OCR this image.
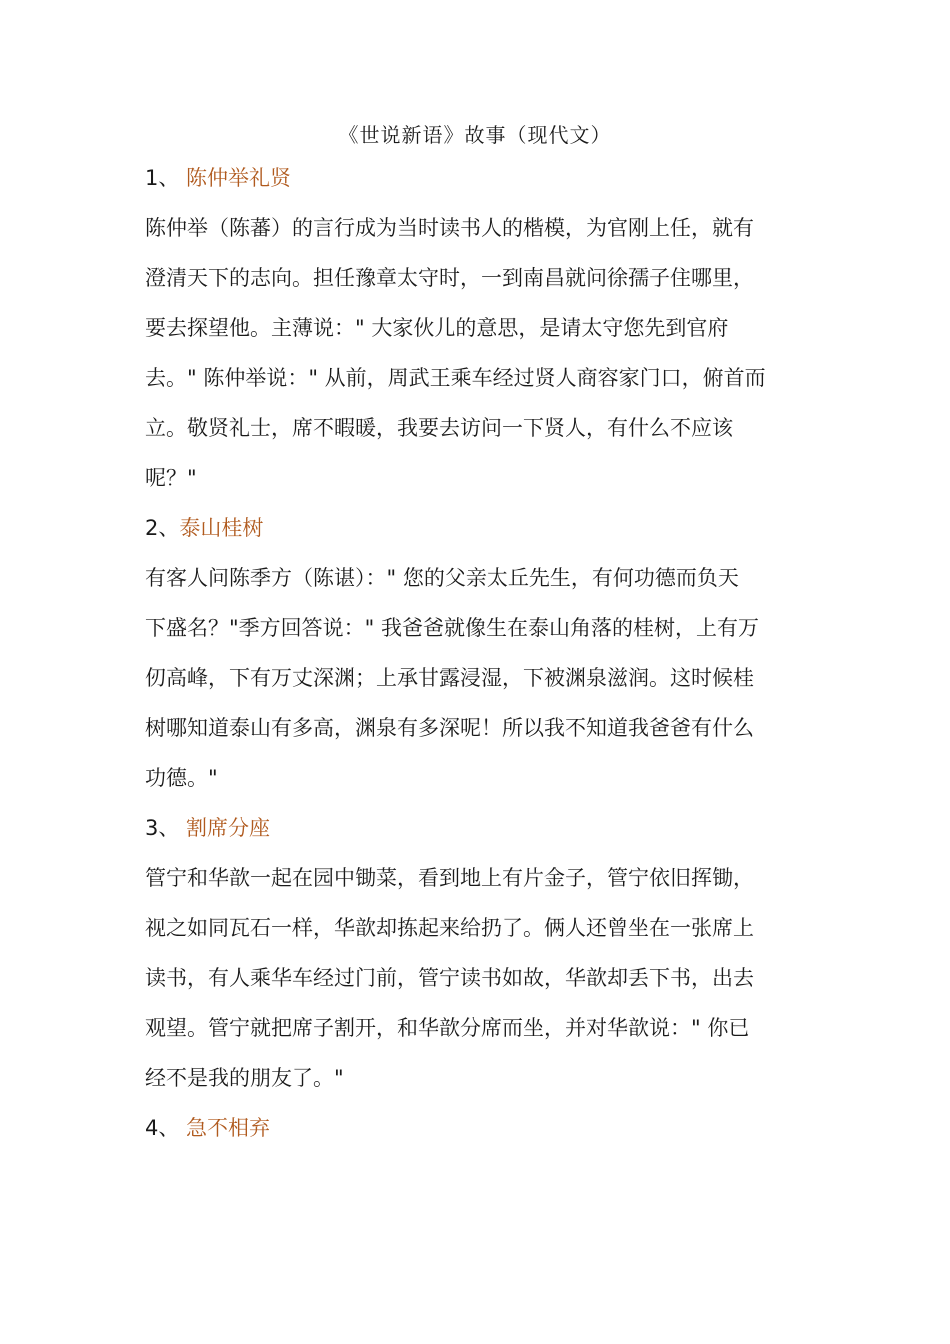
《世说新语》故事（现代文）
1、 陈仲举礼贤
陈仲举（陈蕃）的言行成为当时读书人的楷模，为官刚上任，就有
澄清天下的志向。担任豫章太守时，一到南昌就问徐孺子住哪里，
要去探望他。主薄说：" 大家伙儿的意思，是请太守您先到官府
去。" 陈仲举说：" 从前，周武王乘车经过贤人商容家门口，俯首而
立。敬贤礼士，席不暇暖，我要去访问一下贤人，有什么不应该
呢？"
2、泰山桂树
有客人问陈季方（陈谌）：" 您的父亲太丘先生，有何功德而负天
下盛名？"季方回答说：" 我爸爸就像生在泰山角落的桂树，上有万
仞高峰，下有万丈深渊；上承甘露浸湿，下被渊泉滋润。这时候桂
树哪知道泰山有多高，渊泉有多深呢！所以我不知道我爸爸有什么
功德。"
3、 割席分座
管宁和华歆一起在园中锄菜，看到地上有片金子，管宁依旧挥锄，
视之如同瓦石一样，华歆却拣起来给扔了。俩人还曾坐在一张席上
读书，有人乘华车经过门前，管宁读书如故，华歆却丢下书，出去
观望。管宁就把席子割开，和华歆分席而坐，并对华歆说：" 你已
经不是我的朋友了。"
4、 急不相弃
